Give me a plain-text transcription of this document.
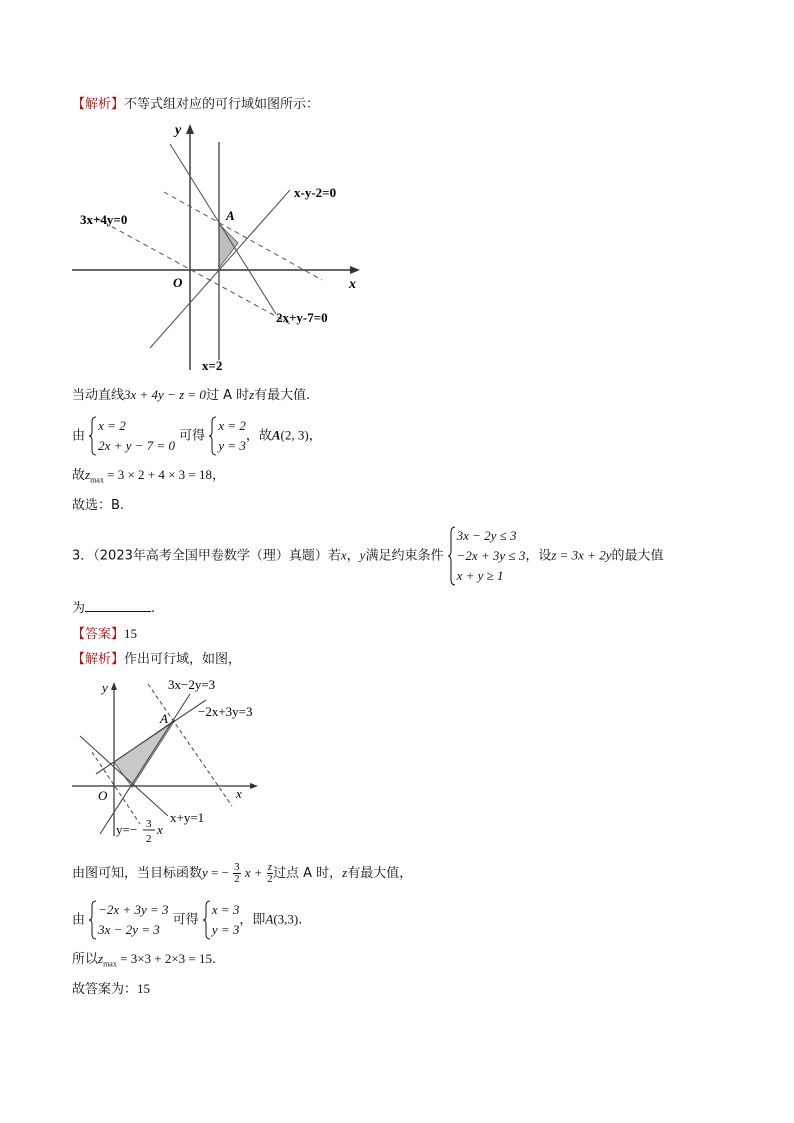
【解析】不等式组对应的可行域如图所示：
y
x
O
A
x-y-2=0
3x+4y=0
2x+y-7=0
x=2
当动直线3x + 4y − z = 0过 A 时z有最大值.
由
x = 2
2x + y − 7 = 0 可得
x = 2
y = 3，故A(2, 3)，
故$z_{max} = 3 \times 2 + 4 \times 3 = 18$，
故选：B.
3．（2023年高考全国甲卷数学（理）真题）若x，y满足约束条件
3x − 2y ≤ 3
−2x + 3y ≤ 3
x + y ≥ 1，设z = 3x + 2y的最大值
为	.
【答案】15
【解析】作出可行域，如图，
y
x
O
A
3x−2y=3
−2x+3y=3
x+y=1
y=− 3
2
x
由图可知，当目标函数y = − $\frac{3}{2}$ $x + \frac{z}{2}$ 过点 A 时，z有最大值，
由
−2x + 3y = 3
3x − 2y = 3 可得
x = 3
y = 3，即A(3,3).
所以$z_{max} = 3\times 3 + 2\times 3 = 15$.
故答案为：15
